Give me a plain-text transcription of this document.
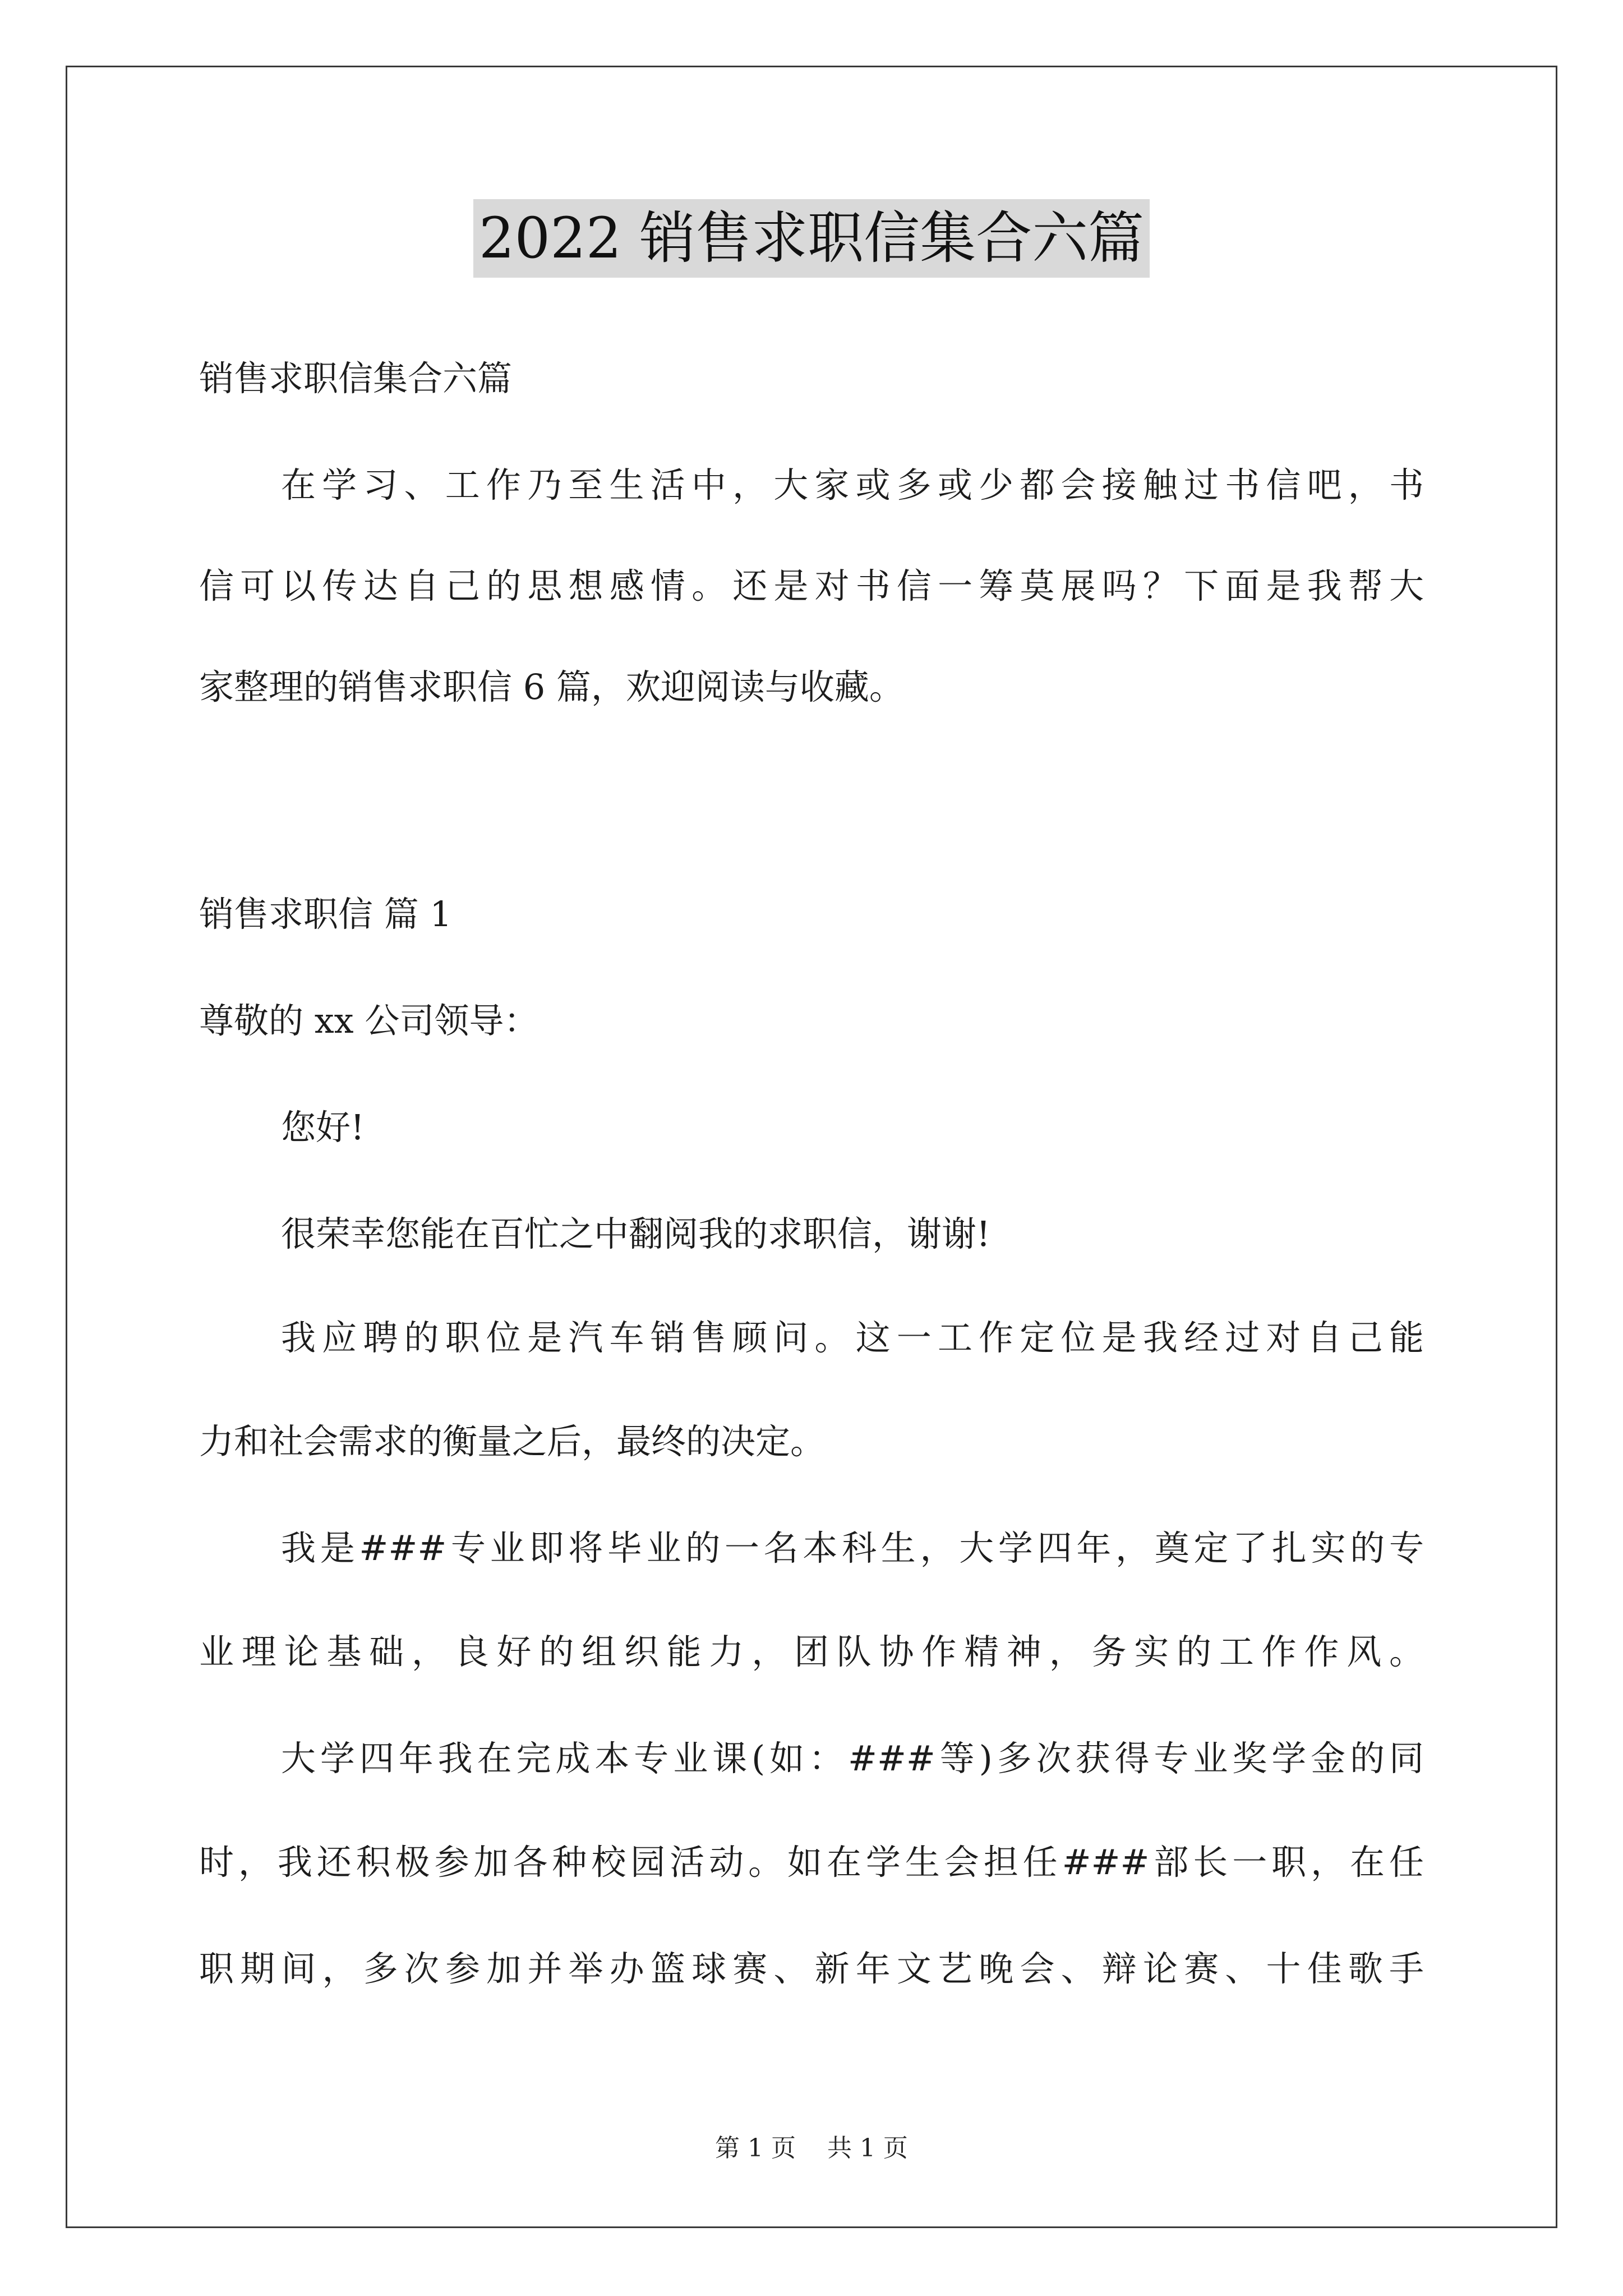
2022 销售求职信集合六篇
销售求职信集合六篇
在学习、工作乃至生活中，大家或多或少都会接触过书信吧，书
信可以传达自己的思想感情。还是对书信一筹莫展吗？下面是我帮大
家整理的销售求职信 6 篇，欢迎阅读与收藏。
销售求职信 篇 1
尊敬的 xx 公司领导：
您好!
很荣幸您能在百忙之中翻阅我的求职信，谢谢!
我应聘的职位是汽车销售顾问。这一工作定位是我经过对自己能
力和社会需求的衡量之后，最终的决定。
我是###专业即将毕业的一名本科生，大学四年，奠定了扎实的专
业理论基础，良好的组织能力，团队协作精神，务实的工作作风。
大学四年我在完成本专业课(如：###等)多次获得专业奖学金的同
时，我还积极参加各种校园活动。如在学生会担任###部长一职，在任
职期间，多次参加并举办篮球赛、新年文艺晚会、辩论赛、十佳歌手
第 1 页    共 1 页
